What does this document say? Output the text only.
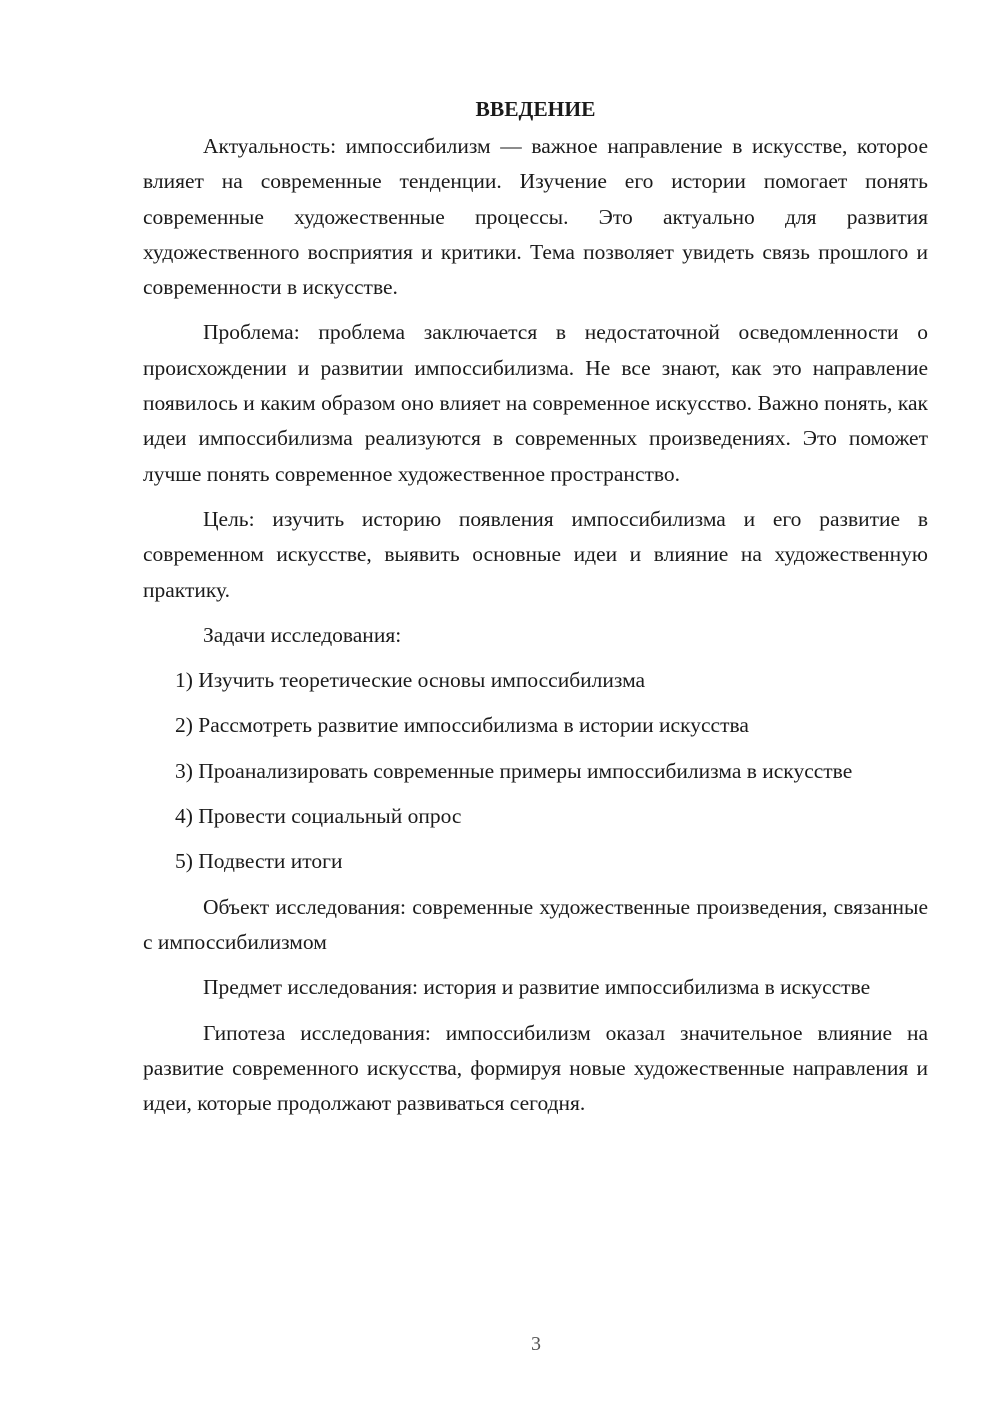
ВВЕДЕНИЕ

Актуальность: импоссибилизм — важное направление в искусстве, которое влияет на современные тенденции. Изучение его истории помогает понять современные художественные процессы. Это актуально для развития художественного восприятия и критики. Тема позволяет увидеть связь прошлого и современности в искусстве.

Проблема: проблема заключается в недостаточной осведомленности о происхождении и развитии импоссибилизма. Не все знают, как это направление появилось и каким образом оно влияет на современное искусство. Важно понять, как идеи импоссибилизма реализуются в современных произведениях. Это поможет лучше понять современное художественное пространство.

Цель: изучить историю появления импоссибилизма и его развитие в современном искусстве, выявить основные идеи и влияние на художественную практику.

Задачи исследования:

1) Изучить теоретические основы импоссибилизма

2) Рассмотреть развитие импоссибилизма в истории искусства

3) Проанализировать современные примеры импоссибилизма в искусстве

4) Провести социальный опрос

5) Подвести итоги

Объект исследования: современные художественные произведения, связанные с импоссибилизмом

Предмет исследования: история и развитие импоссибилизма в искусстве

Гипотеза исследования: импоссибилизм оказал значительное влияние на развитие современного искусства, формируя новые художественные направления и идеи, которые продолжают развиваться сегодня.

3
